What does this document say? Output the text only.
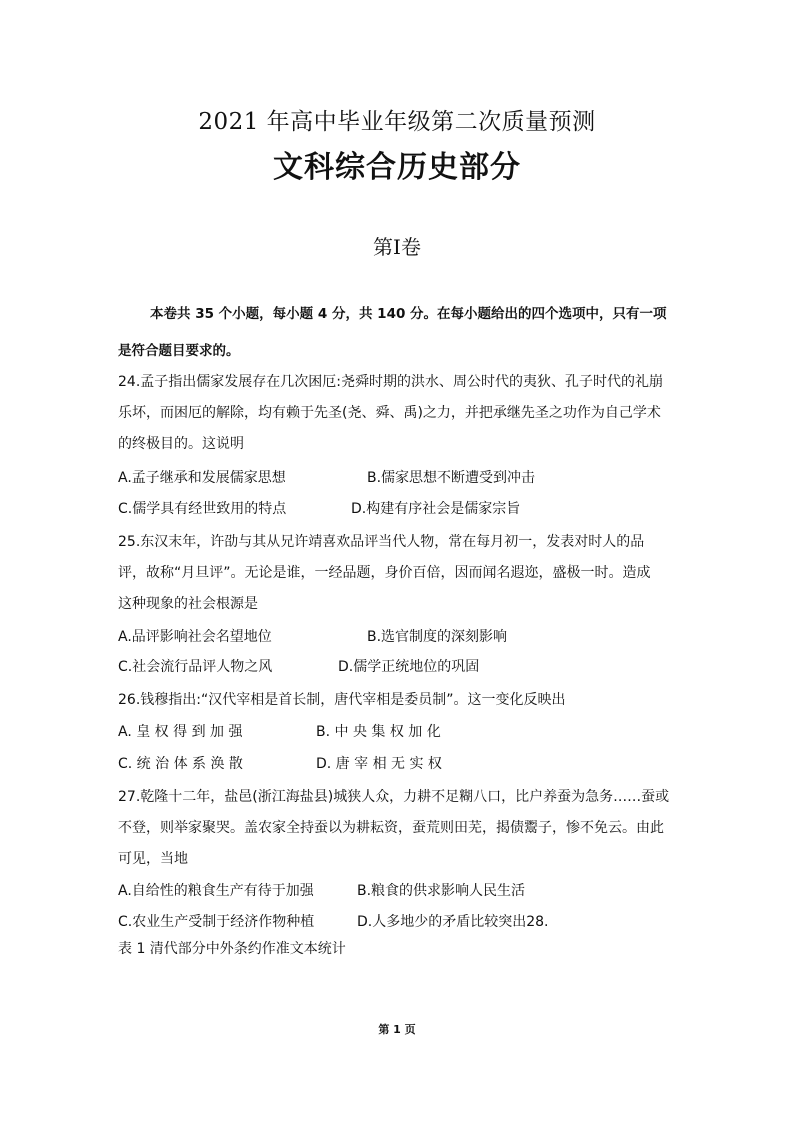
2021 年高中毕业年级第二次质量预测
文科综合历史部分
第Ⅰ卷
本卷共 35 个小题，每小题 4 分，共 140 分。在每小题给出的四个选项中，只有一项是符合题目要求的。
24.孟子指出儒家发展存在几次困厄:尧舜时期的洪水、周公时代的夷狄、孔子时代的礼崩
乐坏，而困厄的解除，均有赖于先圣(尧、舜、禹)之力，并把承继先圣之功作为自己学术
的终极目的。这说明
A.孟子继承和发展儒家思想	B.儒家思想不断遭受到冲击
C.儒学具有经世致用的特点	D.构建有序社会是儒家宗旨
25.东汉末年，许劭与其从兄许靖喜欢品评当代人物，常在每月初一，发表对时人的品
评，故称“月旦评”。无论是谁，一经品题，身价百倍，因而闻名遐迩，盛极一时。造成
这种现象的社会根源是
A.品评影响社会名望地位	B.选官制度的深刻影响
C.社会流行品评人物之风	D.儒学正统地位的巩固
26.钱穆指出:“汉代宰相是首长制，唐代宰相是委员制”。这一变化反映出
A. 皇 权 得 到 加 强	B. 中 央 集 权 加 化
C. 统 治 体 系 涣 散	D. 唐 宰 相 无 实 权
27.乾隆十二年，盐邑(浙江海盐县)城狭人众，力耕不足糊八口，比户养蚕为急务……蚕或
不登，则举家聚哭。盖农家全持蚕以为耕耘资，蚕荒则田芜，揭债鬻子，惨不免云。由此
可见，当地
A.自给性的粮食生产有待于加强	B.粮食的供求影响人民生活
C.农业生产受制于经济作物种植	D.人多地少的矛盾比较突出28.
表 1 清代部分中外条约作准文本统计
第 1 页
